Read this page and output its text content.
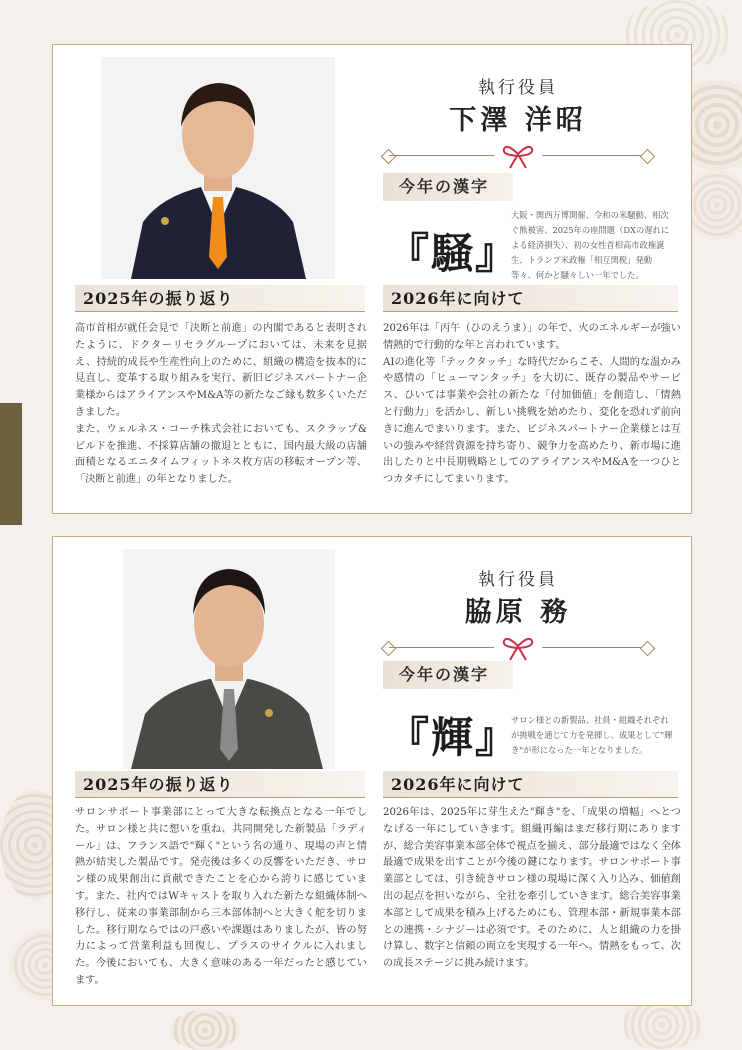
執行役員
下澤 洋昭
今年の漢字
『騒』
大阪・関西万博開催、令和の米騒動、相次ぐ熊被害、2025年の座問題（DXの遅れによる経済損失）、初の女性首相高市政権誕生、トランプ米政権「相互関税」発動等々、何かと騒々しい一年でした。
2025年の振り返り
高市首相が就任会見で「決断と前進」の内閣であると表明されたように、ドクターリセラグループにおいては、未来を見据え、持続的成長や生産性向上のために、組織の構造を抜本的に見直し、変革する取り組みを実行、新旧ビジネスパートナー企業様からはアライアンスやM&A等の新たなご縁も数多くいただきました。
また、ウェルネス・コーチ株式会社においても、スクラップ&ビルドを推進、不採算店舗の撤退とともに、国内最大級の店舗面積となるエニタイムフィットネス枚方店の移転オープン等、「決断と前進」の年となりました。
2026年に向けて
2026年は「丙午（ひのえうま）」の年で、火のエネルギーが強い情熱的で行動的な年と言われています。
AIの進化等「テックタッチ」な時代だからこそ、人間的な温かみや感情の「ヒューマンタッチ」を大切に、既存の製品やサービス、ひいては事業や会社の新たな「付加価値」を創造し、「情熱と行動力」を活かし、新しい挑戦を始めたり、変化を恐れず前向きに進んでまいります。また、ビジネスパートナー企業様とは互いの強みや経営資源を持ち寄り、競争力を高めたり、新市場に進出したりと中長期戦略としてのアライアンスやM&Aを一つひとつカタチにしてまいります。
執行役員
脇原 務
今年の漢字
『輝』
サロン様との新製品、社員・組織それぞれが挑戦を通じて力を発揮し、成果として"輝き"が形になった一年となりました。
2025年の振り返り
サロンサポート事業部にとって大きな転換点となる一年でした。サロン様と共に想いを重ね、共同開発した新製品「ラディール」は、フランス語で"輝く"という名の通り、現場の声と情熱が結実した製品です。発売後は多くの反響をいただき、サロン様の成果創出に貢献できたことを心から誇りに感じています。また、社内ではWキャストを取り入れた新たな組織体制へ移行し、従来の事業部制から三本部体制へと大きく舵を切りました。移行期ならではの戸惑いや課題はありましたが、皆の努力によって営業利益も回復し、プラスのサイクルに入れました。今後においても、大きく意味のある一年だったと感じています。
2026年に向けて
2026年は、2025年に芽生えた"輝き"を、「成果の増幅」へとつなげる一年にしていきます。組織再編はまだ移行期にありますが、総合美容事業本部全体で視点を揃え、部分最適ではなく全体最適で成果を出すことが今後の鍵になります。サロンサポート事業部としては、引き続きサロン様の現場に深く入り込み、価値創出の起点を担いながら、全社を牽引していきます。総合美容事業本部として成果を積み上げるためにも、管理本部・新規事業本部との連携・シナジーは必須です。そのために、人と組織の力を掛け算し、数字と信頼の両立を実現する一年へ。情熱をもって、次の成長ステージに挑み続けます。
